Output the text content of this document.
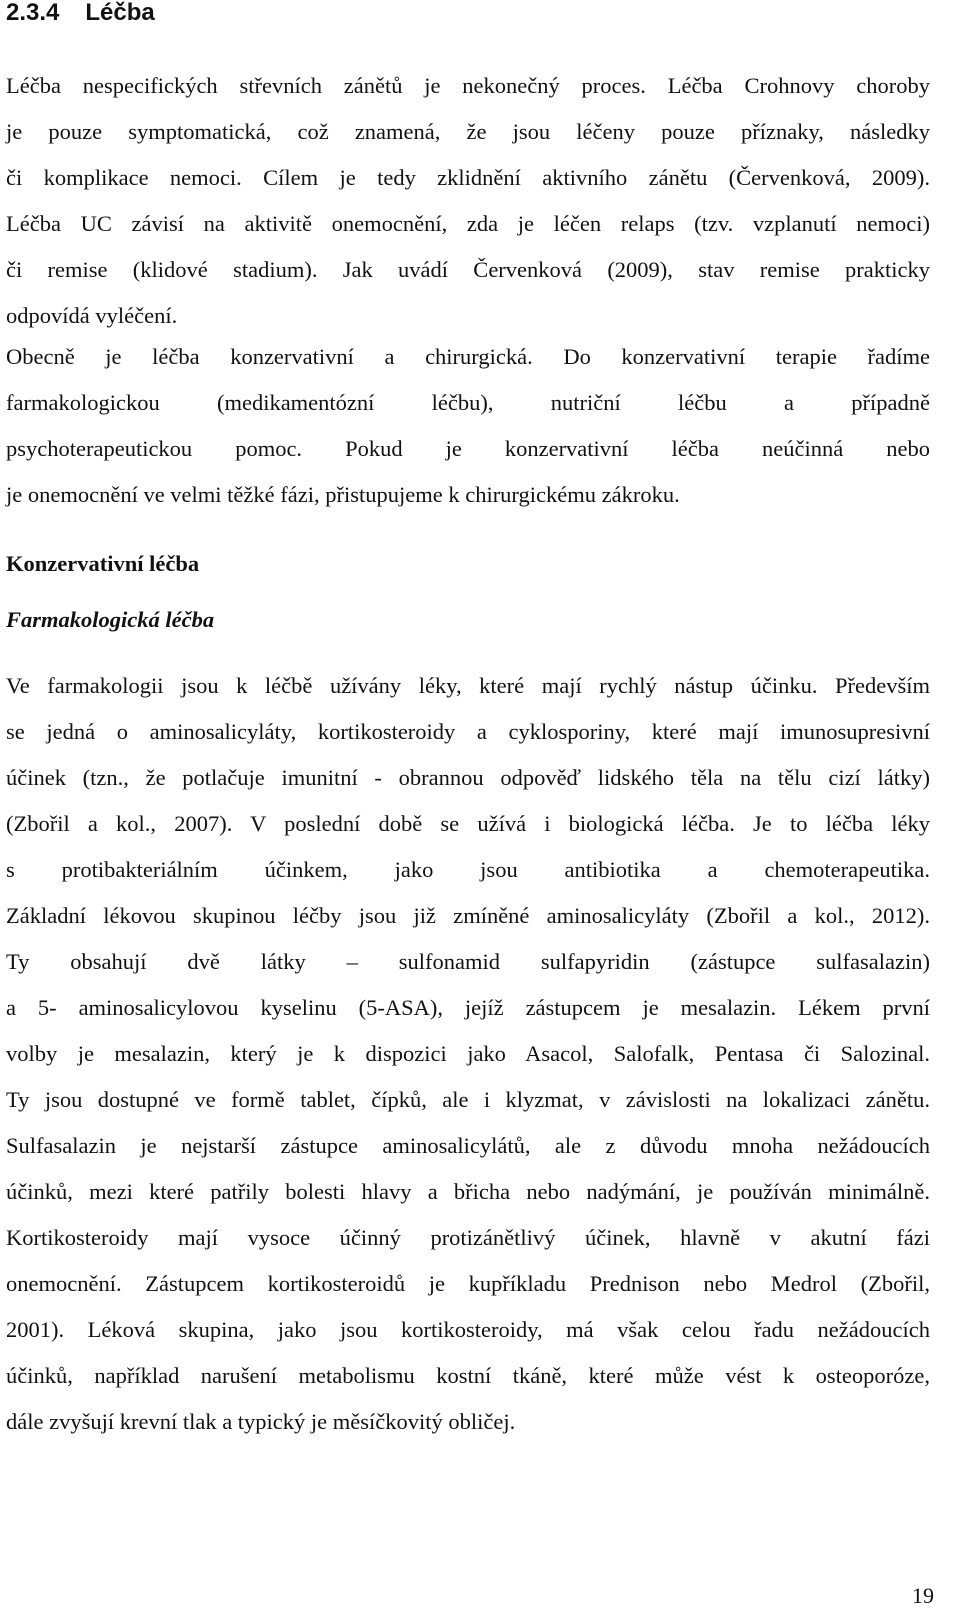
2.3.4 Léčba
Léčba nespecifických střevních zánětů je nekonečný proces. Léčba Crohnovy choroby
je pouze symptomatická, což znamená, že jsou léčeny pouze příznaky, následky
či komplikace nemoci. Cílem je tedy zklidnění aktivního zánětu (Červenková, 2009).
Léčba UC závisí na aktivitě onemocnění, zda je léčen relaps (tzv. vzplanutí nemoci)
či remise (klidové stadium). Jak uvádí Červenková (2009), stav remise prakticky
odpovídá vyléčení.
Obecně je léčba konzervativní a chirurgická. Do konzervativní terapie řadíme
farmakologickou (medikamentózní léčbu), nutriční léčbu a případně
psychoterapeutickou pomoc. Pokud je konzervativní léčba neúčinná nebo
je onemocnění ve velmi těžké fázi, přistupujeme k chirurgickému zákroku.
Konzervativní léčba
Farmakologická léčba
Ve farmakologii jsou k léčbě užívány léky, které mají rychlý nástup účinku. Především
se jedná o aminosalicyláty, kortikosteroidy a cyklosporiny, které mají imunosupresivní
účinek (tzn., že potlačuje imunitní - obrannou odpověď lidského těla na tělu cizí látky)
(Zbořil a kol., 2007). V poslední době se užívá i biologická léčba. Je to léčba léky
s protibakteriálním účinkem, jako jsou antibiotika a chemoterapeutika.
Základní lékovou skupinou léčby jsou již zmíněné aminosalicyláty (Zbořil a kol., 2012).
Ty obsahují dvě látky – sulfonamid sulfapyridin (zástupce sulfasalazin)
a 5- aminosalicylovou kyselinu (5-ASA), jejíž zástupcem je mesalazin. Lékem první
volby je mesalazin, který je k dispozici jako Asacol, Salofalk, Pentasa či Salozinal.
Ty jsou dostupné ve formě tablet, čípků, ale i klyzmat, v závislosti na lokalizaci zánětu.
Sulfasalazin je nejstarší zástupce aminosalicylátů, ale z důvodu mnoha nežádoucích
účinků, mezi které patřily bolesti hlavy a břicha nebo nadýmání, je používán minimálně.
Kortikosteroidy mají vysoce účinný protizánětlivý účinek, hlavně v akutní fázi
onemocnění. Zástupcem kortikosteroidů je kupříkladu Prednison nebo Medrol (Zbořil,
2001). Léková skupina, jako jsou kortikosteroidy, má však celou řadu nežádoucích
účinků, například narušení metabolismu kostní tkáně, které může vést k osteoporóze,
dále zvyšují krevní tlak a typický je měsíčkovitý obličej.
19
